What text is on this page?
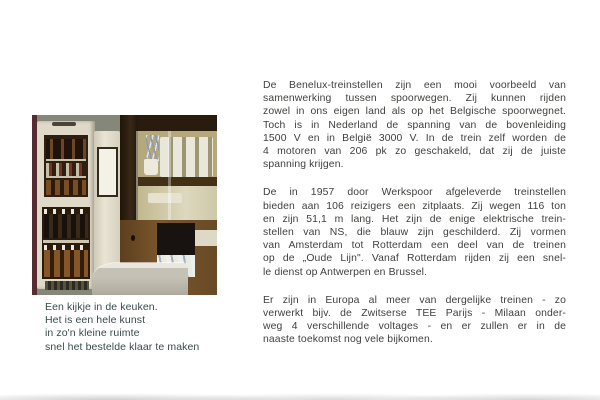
Een kijkje in de keuken.
Het is een hele kunst
in zo'n kleine ruimte
snel het bestelde klaar te maken
De Benelux-treinstellen zijn een mooi voorbeeld van
samenwerking tussen spoorwegen. Zij kunnen rijden
zowel in ons eigen land als op het Belgische spoorwegnet.
Toch is in Nederland de spanning van de bovenleiding
1500 V en in België 3000 V. In de trein zelf worden de
4 motoren van 206 pk zo geschakeld, dat zij de juiste
spanning krijgen.
De in 1957 door Werkspoor afgeleverde treinstellen
bieden aan 106 reizigers een zitplaats. Zij wegen 116 ton
en zijn 51,1 m lang. Het zijn de enige elektrische trein-
stellen van NS, die blauw zijn geschilderd. Zij vormen
van Amsterdam tot Rotterdam een deel van de treinen
op de „Oude Lijn". Vanaf Rotterdam rijden zij een snel-
le dienst op Antwerpen en Brussel.
Er zijn in Europa al meer van dergelijke treinen - zo
verwerkt bijv. de Zwitserse TEE Parijs - Milaan onder-
weg 4 verschillende voltages - en er zullen er in de
naaste toekomst nog vele bijkomen.
